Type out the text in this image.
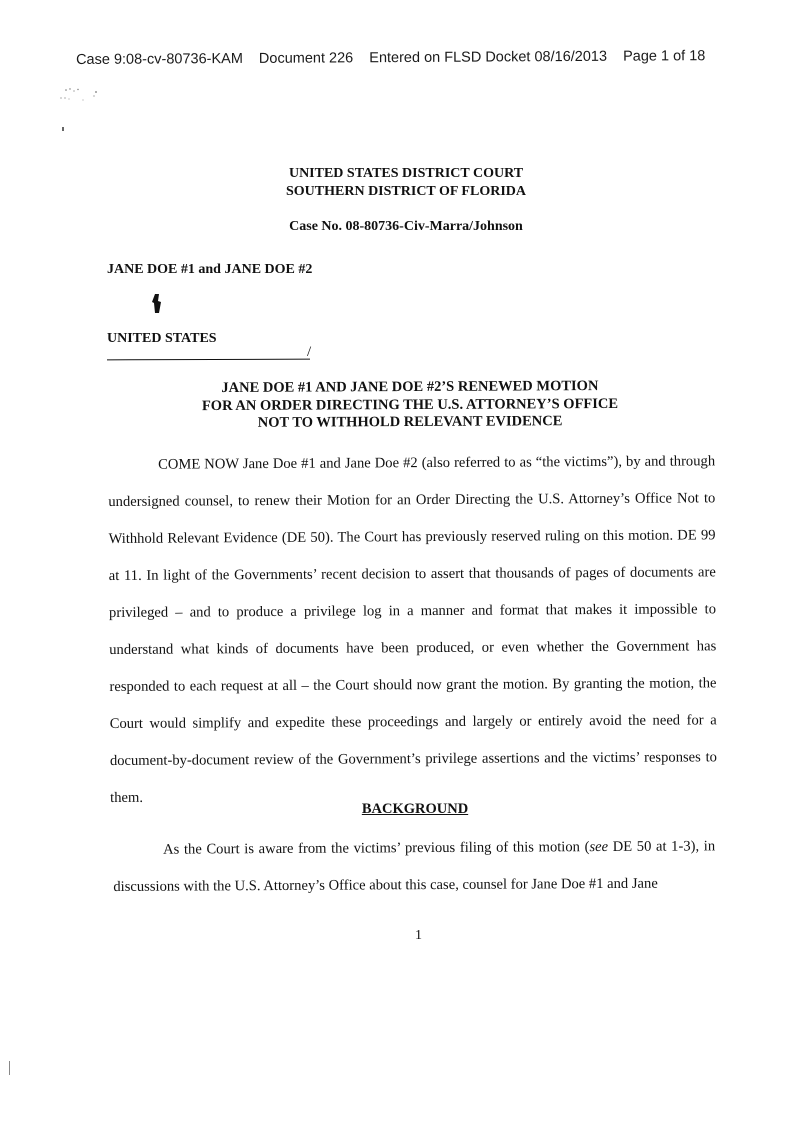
Case 9:08-cv-80736-KAM Document 226 Entered on FLSD Docket 08/16/2013 Page 1 of 18
UNITED STATES DISTRICT COURT
SOUTHERN DISTRICT OF FLORIDA
Case No. 08-80736-Civ-Marra/Johnson
JANE DOE #1 and JANE DOE #2
UNITED STATES
/
JANE DOE #1 AND JANE DOE #2’S RENEWED MOTION
FOR AN ORDER DIRECTING THE U.S. ATTORNEY’S OFFICE
NOT TO WITHHOLD RELEVANT EVIDENCE

COME NOW Jane Doe #1 and Jane Doe #2 (also referred to as “the victims”), by and through undersigned counsel, to renew their Motion for an Order Directing the U.S. Attorney’s Office Not to Withhold Relevant Evidence (DE 50). The Court has previously reserved ruling on this motion. DE 99 at 11. In light of the Governments’ recent decision to assert that thousands of pages of documents are privileged – and to produce a privilege log in a manner and format that makes it impossible to understand what kinds of documents have been produced, or even whether the Government has responded to each request at all – the Court should now grant the motion. By granting the motion, the Court would simplify and expedite these proceedings and largely or entirely avoid the need for a document-by-document review of the Government’s privilege assertions and the victims’ responses to them.

BACKGROUND

As the Court is aware from the victims’ previous filing of this motion (see DE 50 at 1-3), in discussions with the U.S. Attorney’s Office about this case, counsel for Jane Doe #1 and Jane

1
